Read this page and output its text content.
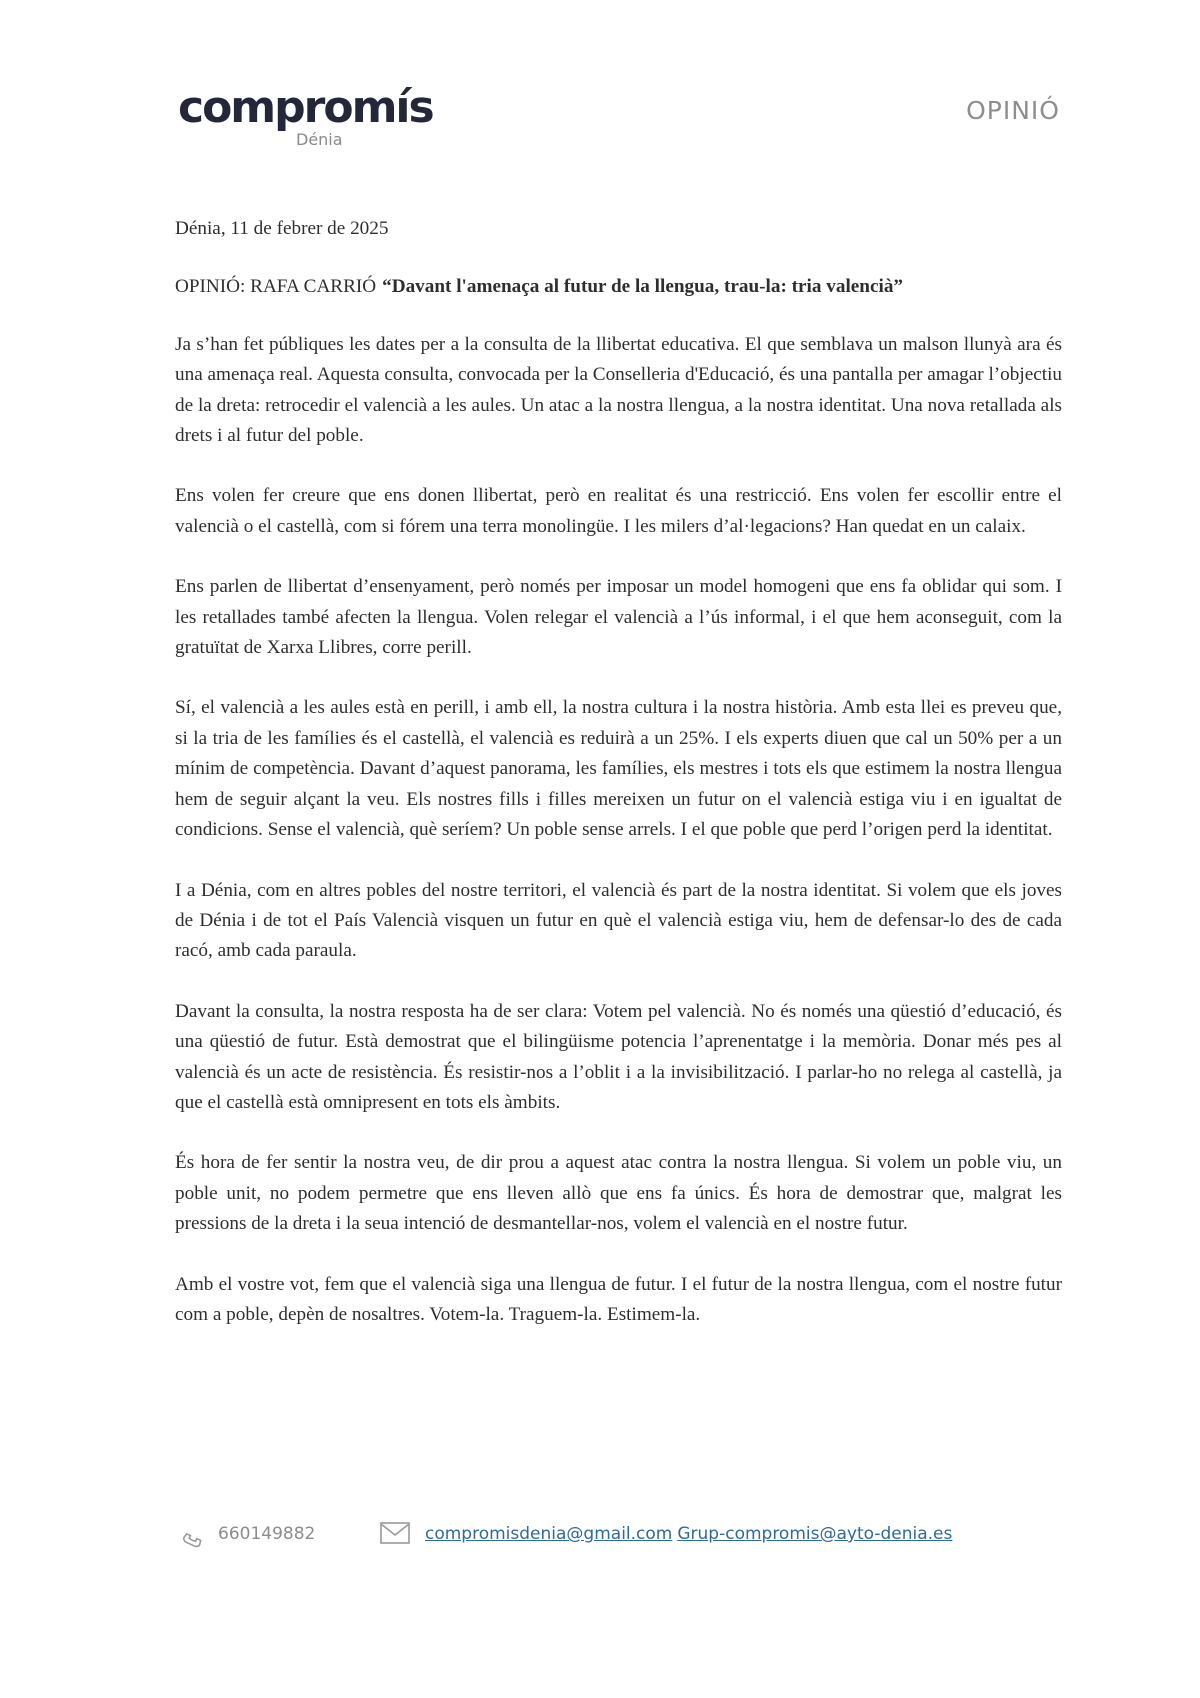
compromís
Dénia
OPINIÓ

Dénia, 11 de febrer de 2025

OPINIÓ: RAFA CARRIÓ “Davant l'amenaça al futur de la llengua, trau-la: tria valencià”

Ja s’han fet públiques les dates per a la consulta de la llibertat educativa. El que semblava un malson llunyà ara és una amenaça real. Aquesta consulta, convocada per la Conselleria d'Educació, és una pantalla per amagar l’objectiu de la dreta: retrocedir el valencià a les aules. Un atac a la nostra llengua, a la nostra identitat. Una nova retallada als drets i al futur del poble.

Ens volen fer creure que ens donen llibertat, però en realitat és una restricció. Ens volen fer escollir entre el valencià o el castellà, com si fórem una terra monolingüe. I les milers d’al·legacions? Han quedat en un calaix.

Ens parlen de llibertat d’ensenyament, però només per imposar un model homogeni que ens fa oblidar qui som. I les retallades també afecten la llengua. Volen relegar el valencià a l’ús informal, i el que hem aconseguit, com la gratuïtat de Xarxa Llibres, corre perill.

Sí, el valencià a les aules està en perill, i amb ell, la nostra cultura i la nostra història. Amb esta llei es preveu que, si la tria de les famílies és el castellà, el valencià es reduirà a un 25%. I els experts diuen que cal un 50% per a un mínim de competència. Davant d’aquest panorama, les famílies, els mestres i tots els que estimem la nostra llengua hem de seguir alçant la veu. Els nostres fills i filles mereixen un futur on el valencià estiga viu i en igualtat de condicions. Sense el valencià, què seríem? Un poble sense arrels. I el que poble que perd l’origen perd la identitat.

I a Dénia, com en altres pobles del nostre territori, el valencià és part de la nostra identitat. Si volem que els joves de Dénia i de tot el País Valencià visquen un futur en què el valencià estiga viu, hem de defensar-lo des de cada racó, amb cada paraula.

Davant la consulta, la nostra resposta ha de ser clara: Votem pel valencià. No és només una qüestió d’educació, és una qüestió de futur. Està demostrat que el bilingüisme potencia l’aprenentatge i la memòria. Donar més pes al valencià és un acte de resistència. És resistir-nos a l’oblit i a la invisibilització. I parlar-ho no relega al castellà, ja que el castellà està omnipresent en tots els àmbits.

És hora de fer sentir la nostra veu, de dir prou a aquest atac contra la nostra llengua. Si volem un poble viu, un poble unit, no podem permetre que ens lleven allò que ens fa únics. És hora de demostrar que, malgrat les pressions de la dreta i la seua intenció de desmantellar-nos, volem el valencià en el nostre futur.

Amb el vostre vot, fem que el valencià siga una llengua de futur. I el futur de la nostra llengua, com el nostre futur com a poble, depèn de nosaltres. Votem-la. Traguem-la. Estimem-la.

660149882	compromisdenia@gmail.com Grup-compromis@ayto-denia.es
